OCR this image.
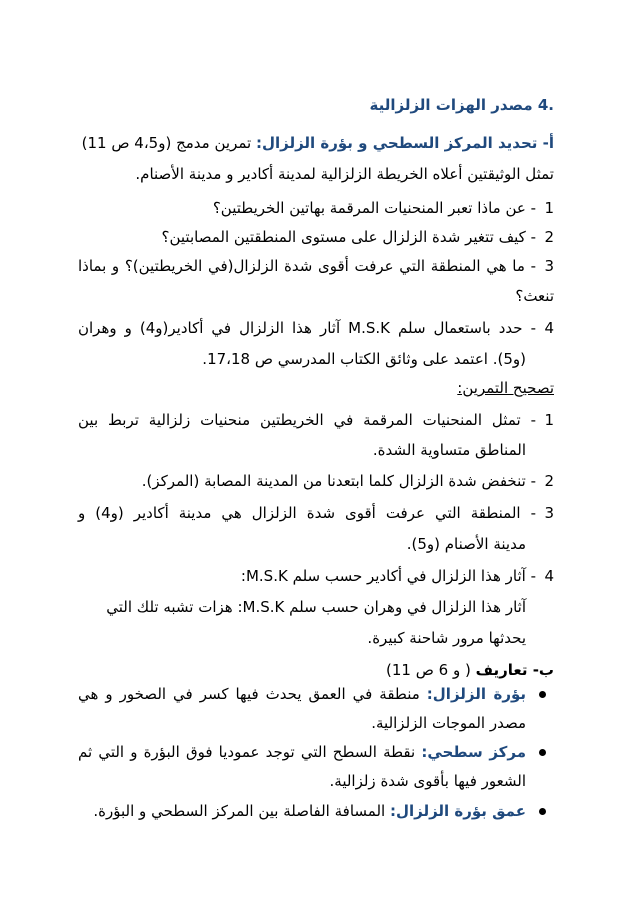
.4 مصدر الهزات الزلزالية
أ- تحديد المركز السطحي و بؤرة الزلزال: تمرين مدمج (و4،5 ص 11)
تمثل الوثيقتين أعلاه الخريطة الزلزالية لمدينة أكادير و مدينة الأصنام.
1- عن ماذا تعبر المنحنيات المرقمة بهاتين الخريطتين؟
2- كيف تتغير شدة الزلزال على مستوى المنطقتين المصابتين؟
3- ما هي المنطقة التي عرفت أقوى شدة الزلزال(في الخريطتين)؟ و بماذا
تنعث؟
4- حدد باستعمال سلم M.S.K آثار هذا الزلزال في أكادير(و4) و وهران
(و5). اعتمد على وثائق الكتاب المدرسي ص 17،18.
تصحيح التمرين:
1- تمثل المنحنيات المرقمة في الخريطتين منحنيات زلزالية تربط بين
المناطق متساوية الشدة.
2- تنخفض شدة الزلزال كلما ابتعدنا من المدينة المصابة (المركز).
3- المنطقة التي عرفت أقوى شدة الزلزال هي مدينة أكادير (و4) و
مدينة الأصنام (و5).
4- آثار هذا الزلزال في أكادير حسب سلم M.S.K:
آثار هذا الزلزال في وهران حسب سلم M.S.K: هزات تشبه تلك التي
يحدثها مرور شاحنة كبيرة.
ب- تعاريف ( و 6 ص 11)
بؤرة الزلزال: منطقة في العمق يحدث فيها كسر في الصخور و هي
مصدر الموجات الزلزالية.
مركز سطحي: نقطة السطح التي توجد عموديا فوق البؤرة و التي ثم
الشعور فيها بأقوى شدة زلزالية.
عمق بؤرة الزلزال: المسافة الفاصلة بين المركز السطحي و البؤرة.
